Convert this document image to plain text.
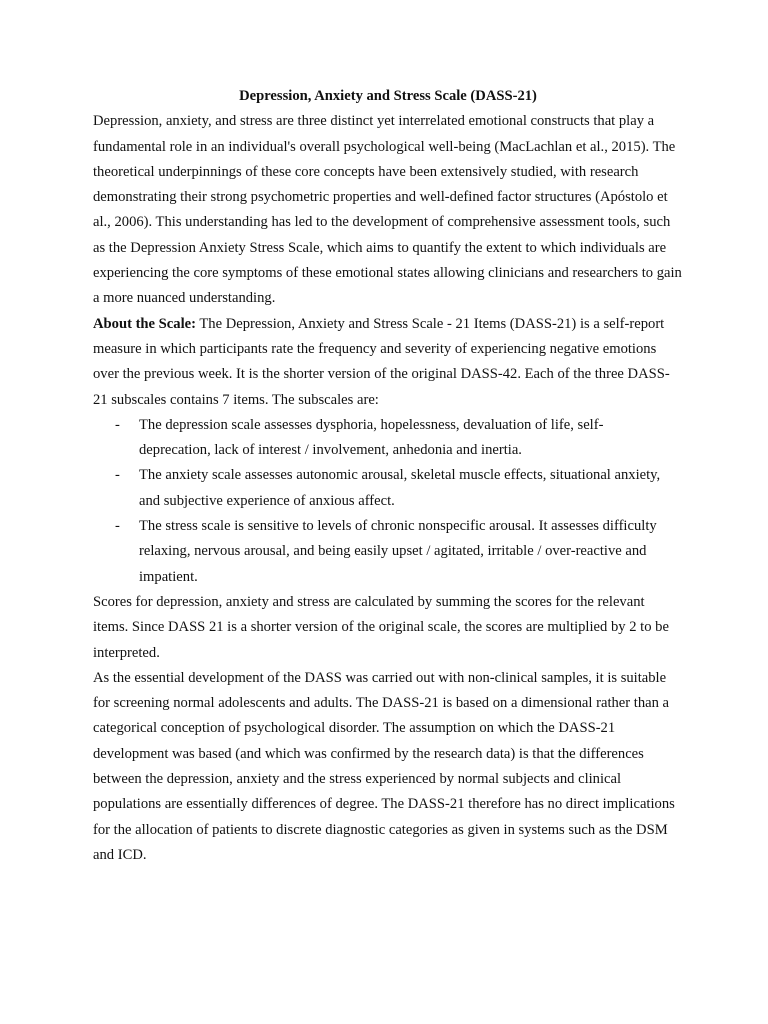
Depression, Anxiety and Stress Scale (DASS-21)

Depression, anxiety, and stress are three distinct yet interrelated emotional constructs that play a fundamental role in an individual's overall psychological well-being (MacLachlan et al., 2015). The theoretical underpinnings of these core concepts have been extensively studied, with research demonstrating their strong psychometric properties and well-defined factor structures (Apóstolo et al., 2006). This understanding has led to the development of comprehensive assessment tools, such as the Depression Anxiety Stress Scale, which aims to quantify the extent to which individuals are experiencing the core symptoms of these emotional states allowing clinicians and researchers to gain a more nuanced understanding.

About the Scale: The Depression, Anxiety and Stress Scale - 21 Items (DASS-21) is a self-report measure in which participants rate the frequency and severity of experiencing negative emotions over the previous week. It is the shorter version of the original DASS-42. Each of the three DASS-21 subscales contains 7 items. The subscales are:

- The depression scale assesses dysphoria, hopelessness, devaluation of life, self-deprecation, lack of interest / involvement, anhedonia and inertia.
- The anxiety scale assesses autonomic arousal, skeletal muscle effects, situational anxiety, and subjective experience of anxious affect.
- The stress scale is sensitive to levels of chronic nonspecific arousal. It assesses difficulty relaxing, nervous arousal, and being easily upset / agitated, irritable / over-reactive and impatient.

Scores for depression, anxiety and stress are calculated by summing the scores for the relevant items. Since DASS 21 is a shorter version of the original scale, the scores are multiplied by 2 to be interpreted.

As the essential development of the DASS was carried out with non-clinical samples, it is suitable for screening normal adolescents and adults. The DASS-21 is based on a dimensional rather than a categorical conception of psychological disorder. The assumption on which the DASS-21 development was based (and which was confirmed by the research data) is that the differences between the depression, anxiety and the stress experienced by normal subjects and clinical populations are essentially differences of degree. The DASS-21 therefore has no direct implications for the allocation of patients to discrete diagnostic categories as given in systems such as the DSM and ICD.
